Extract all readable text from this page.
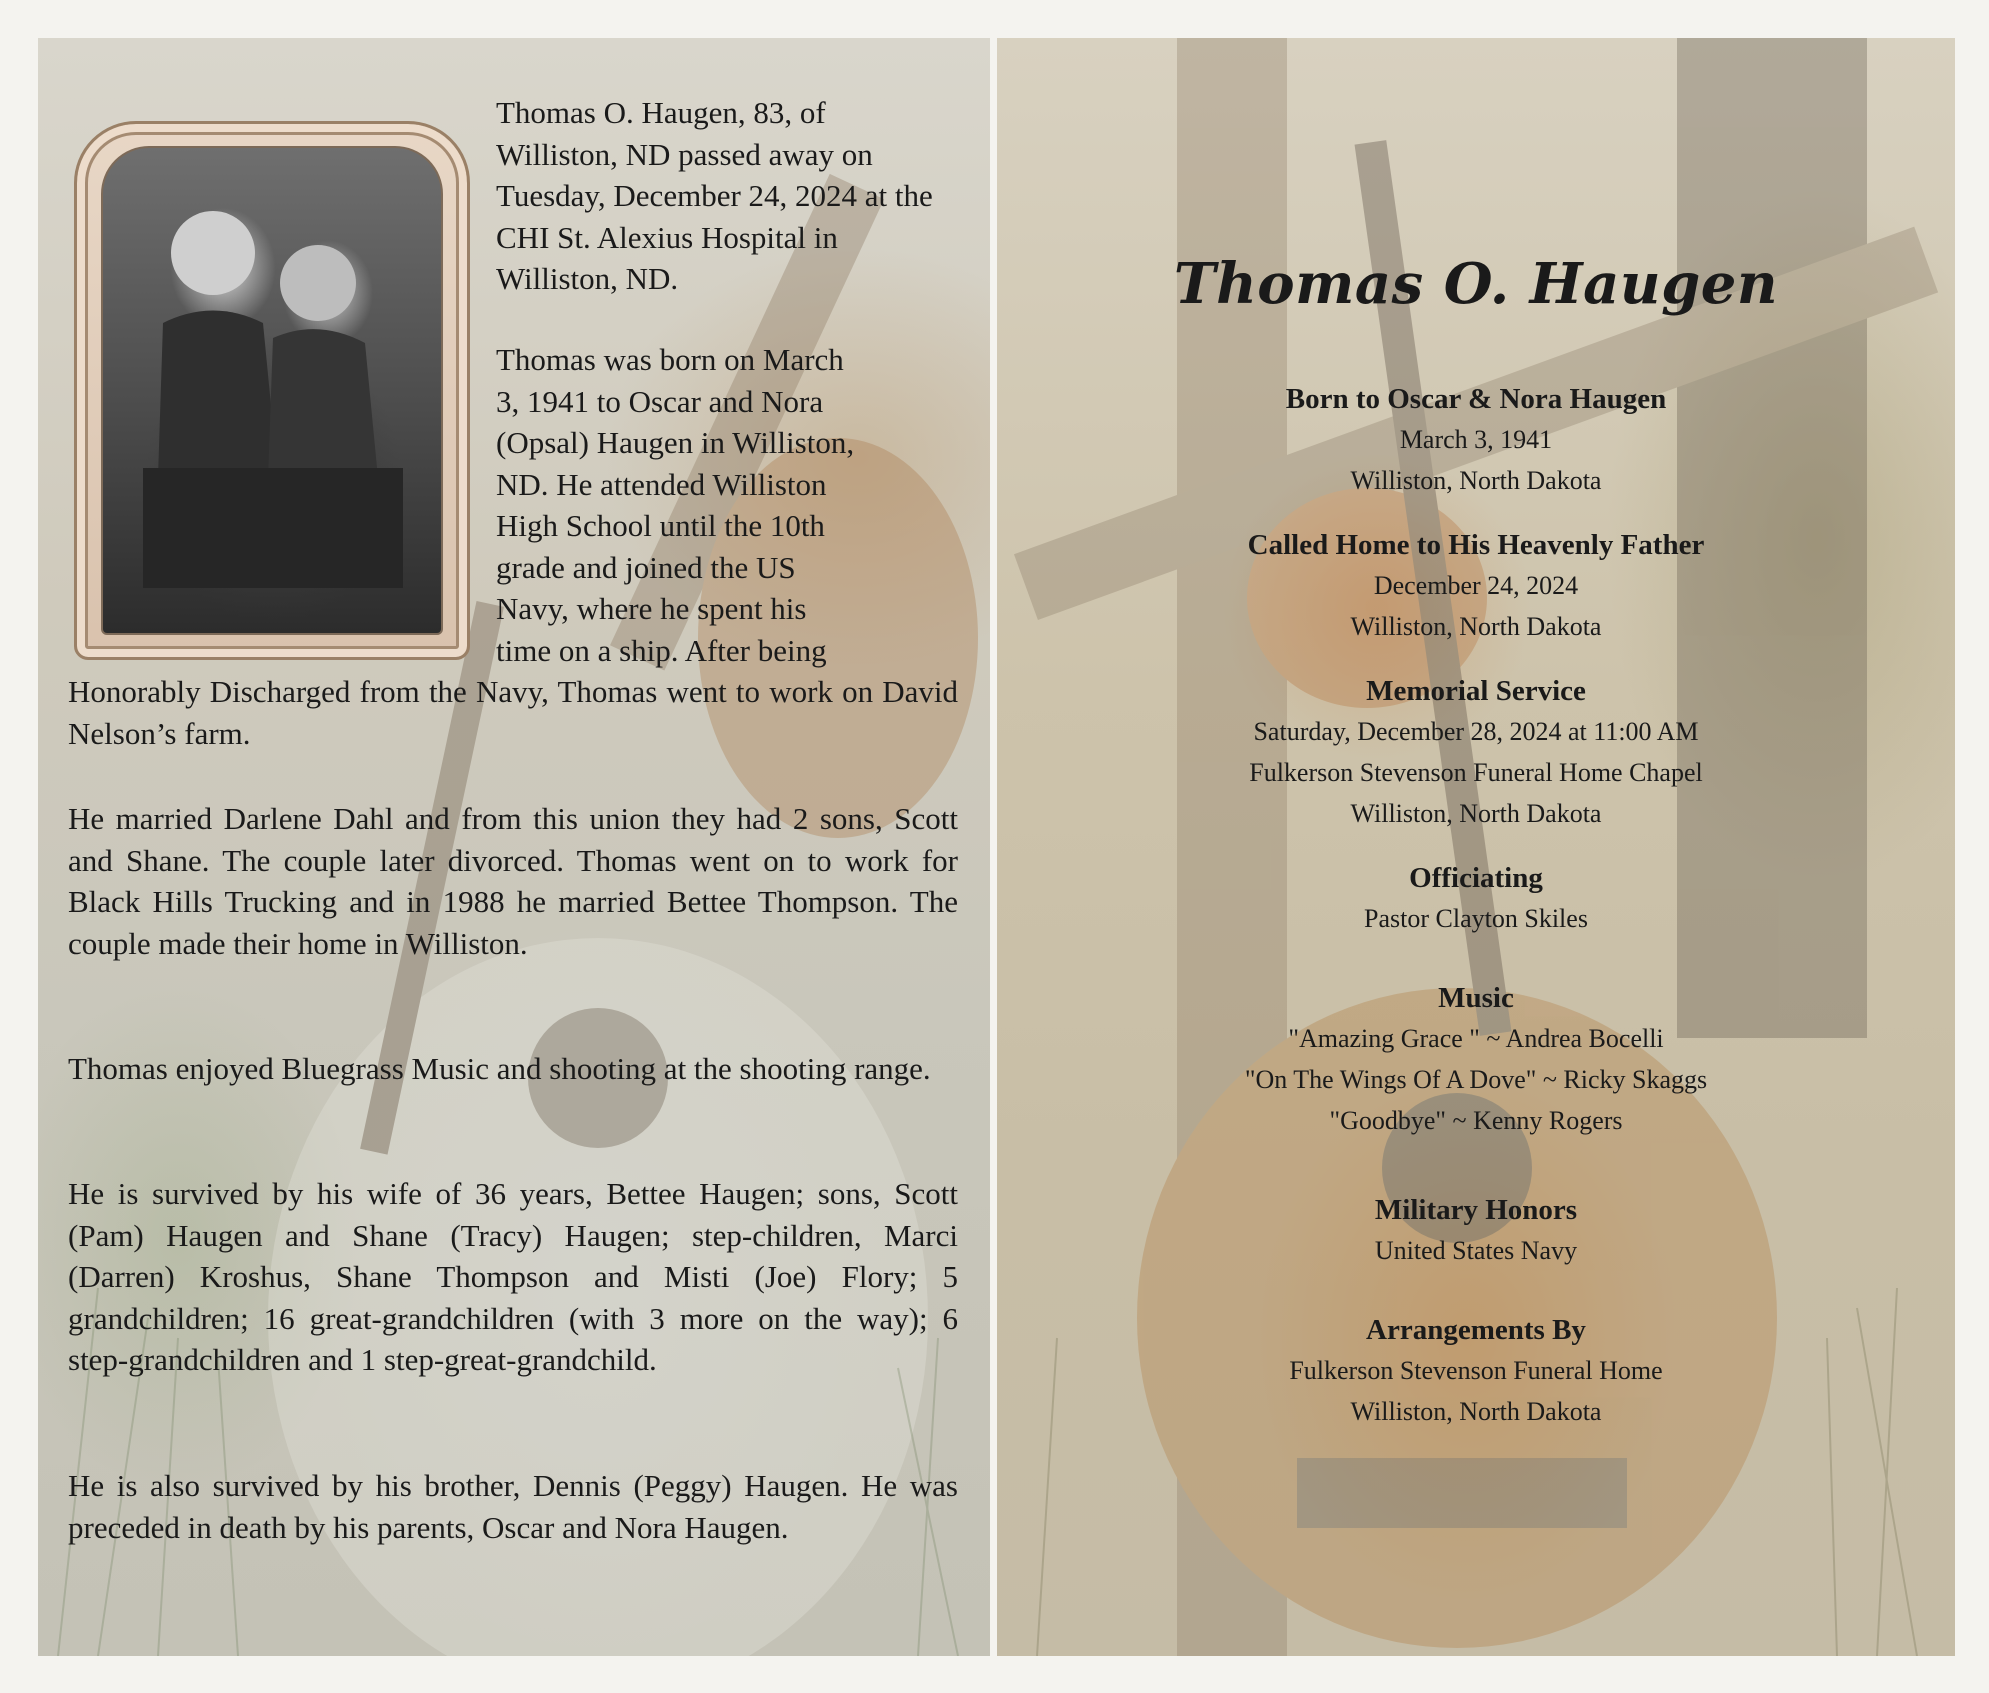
Thomas O. Haugen, 83, of Williston, ND passed away on Tuesday, December 24, 2024 at the CHI St. Alexius Hospital in Williston, ND.
Thomas was born on March
3, 1941 to Oscar and Nora
(Opsal) Haugen in Williston,
ND. He attended Williston
High School until the 10th
grade and joined the US
Navy, where he spent his
time on a ship. After being
Honorably Discharged from the Navy, Thomas went to work on David Nelson’s farm.
He married Darlene Dahl and from this union they had 2 sons, Scott and Shane. The couple later divorced. Thomas went on to work for Black Hills Trucking and in 1988 he married Bettee Thompson. The couple made their home in Williston.
Thomas enjoyed Bluegrass Music and shooting at the shooting range.
He is survived by his wife of 36 years, Bettee Haugen; sons, Scott (Pam) Haugen and Shane (Tracy) Haugen; step-children, Marci (Darren) Kroshus, Shane Thompson and Misti (Joe) Flory; 5 grandchildren; 16 great-grandchildren (with 3 more on the way); 6 step-grandchildren and 1 step-great-grandchild.
He is also survived by his brother, Dennis (Peggy) Haugen. He was preceded in death by his parents, Oscar and Nora Haugen.
Thomas O. Haugen
Born to Oscar & Nora Haugen
March 3, 1941
Williston, North Dakota
Called Home to His Heavenly Father
December 24, 2024
Williston, North Dakota
Memorial Service
Saturday, December 28, 2024 at 11:00 AM
Fulkerson Stevenson Funeral Home Chapel
Williston, North Dakota
Officiating
Pastor Clayton Skiles
Music
"Amazing Grace " ~ Andrea Bocelli
"On The Wings Of A Dove" ~ Ricky Skaggs
"Goodbye" ~ Kenny Rogers
Military Honors
United States Navy
Arrangements By
Fulkerson Stevenson Funeral Home
Williston, North Dakota
